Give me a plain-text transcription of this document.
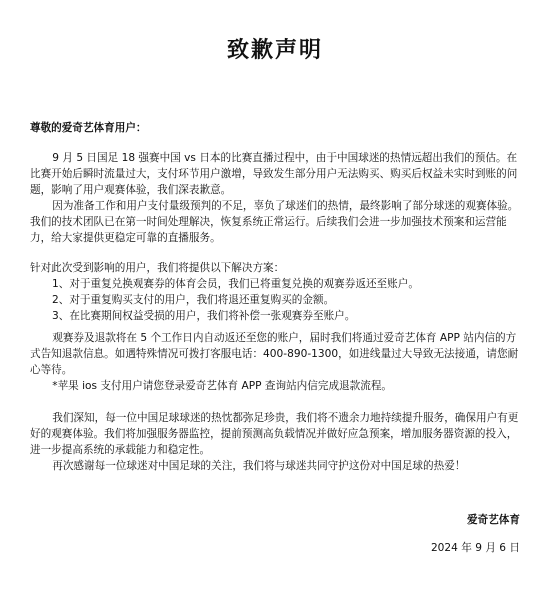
致歉声明

尊敬的爱奇艺体育用户：

9 月 5 日国足 18 强赛中国 vs 日本的比赛直播过程中，由于中国球迷的热情远超出我们的预估。在比赛开始后瞬时流量过大，支付环节用户激增，导致发生部分用户无法购买、购买后权益未实时到账的问题，影响了用户观赛体验，我们深表歉意。

因为准备工作和用户支付量级预判的不足，辜负了球迷们的热情，最终影响了部分球迷的观赛体验。我们的技术团队已在第一时间处理解决，恢复系统正常运行。后续我们会进一步加强技术预案和运营能力，给大家提供更稳定可靠的直播服务。

针对此次受到影响的用户，我们将提供以下解决方案：

1、对于重复兑换观赛券的体育会员，我们已将重复兑换的观赛券返还至账户。
2、对于重复购买支付的用户，我们将退还重复购买的金额。
3、在比赛期间权益受损的用户，我们将补偿一张观赛券至账户。

观赛券及退款将在 5 个工作日内自动返还至您的账户，届时我们将通过爱奇艺体育 APP 站内信的方式告知退款信息。如遇特殊情况可拨打客服电话：400-890-1300，如进线量过大导致无法接通，请您耐心等待。

*苹果 ios 支付用户请您登录爱奇艺体育 APP 查询站内信完成退款流程。

我们深知，每一位中国足球球迷的热忱都弥足珍贵，我们将不遗余力地持续提升服务，确保用户有更好的观赛体验。我们将加强服务器监控，提前预测高负载情况并做好应急预案，增加服务器资源的投入，进一步提高系统的承载能力和稳定性。

再次感谢每一位球迷对中国足球的关注，我们将与球迷共同守护这份对中国足球的热爱！

爱奇艺体育

2024 年 9 月 6 日
